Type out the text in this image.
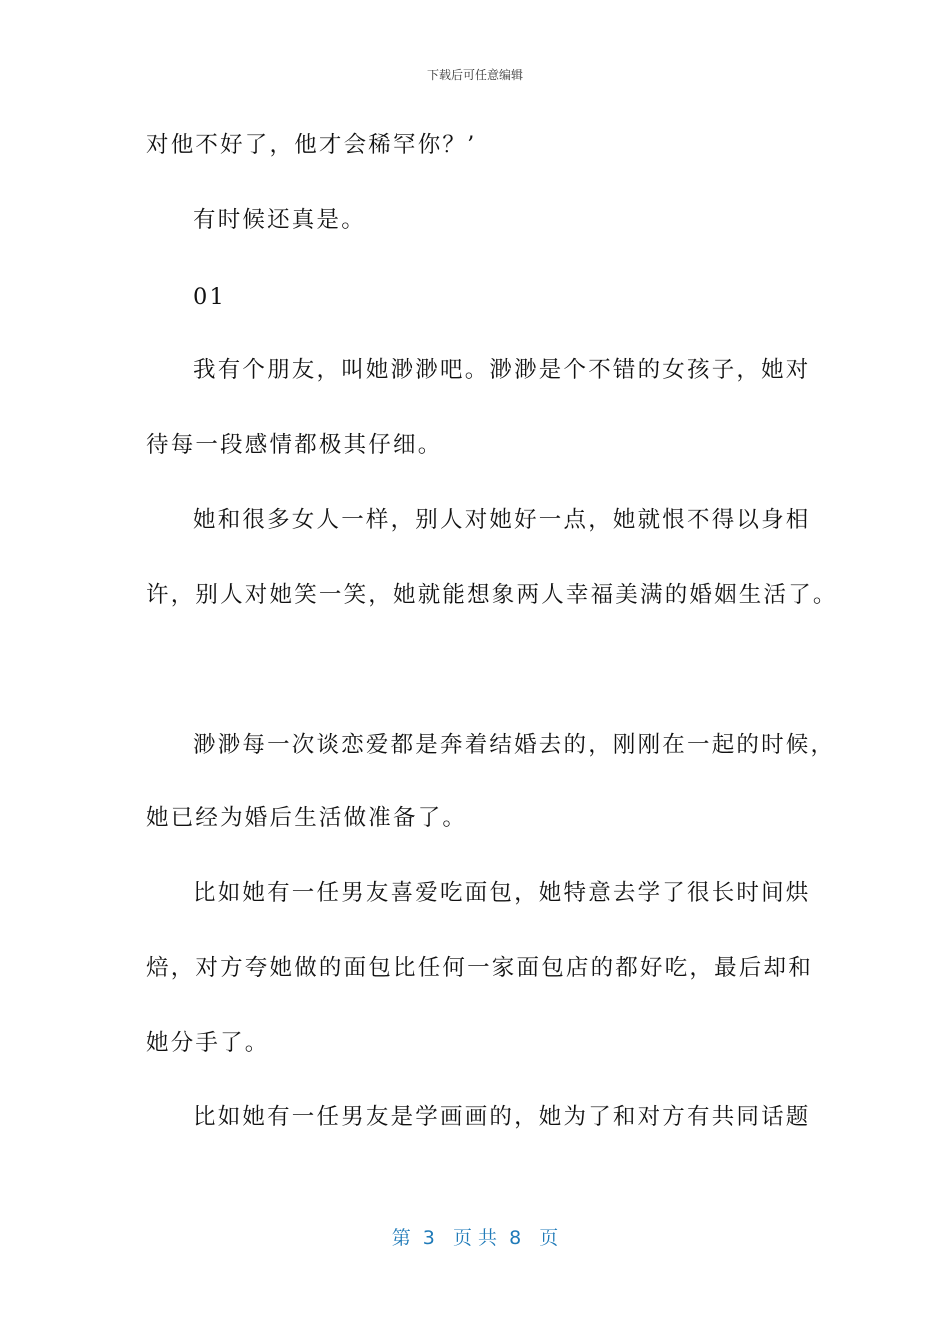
下载后可任意编辑
对他不好了，他才会稀罕你？’
有时候还真是。
01
我有个朋友，叫她渺渺吧。渺渺是个不错的女孩子，她对
待每一段感情都极其仔细。
她和很多女人一样，别人对她好一点，她就恨不得以身相
许，别人对她笑一笑，她就能想象两人幸福美满的婚姻生活了。
渺渺每一次谈恋爱都是奔着结婚去的，刚刚在一起的时候，
她已经为婚后生活做准备了。
比如她有一任男友喜爱吃面包，她特意去学了很长时间烘
焙，对方夸她做的面包比任何一家面包店的都好吃，最后却和
她分手了。
比如她有一任男友是学画画的，她为了和对方有共同话题
第  3   页 共  8   页
